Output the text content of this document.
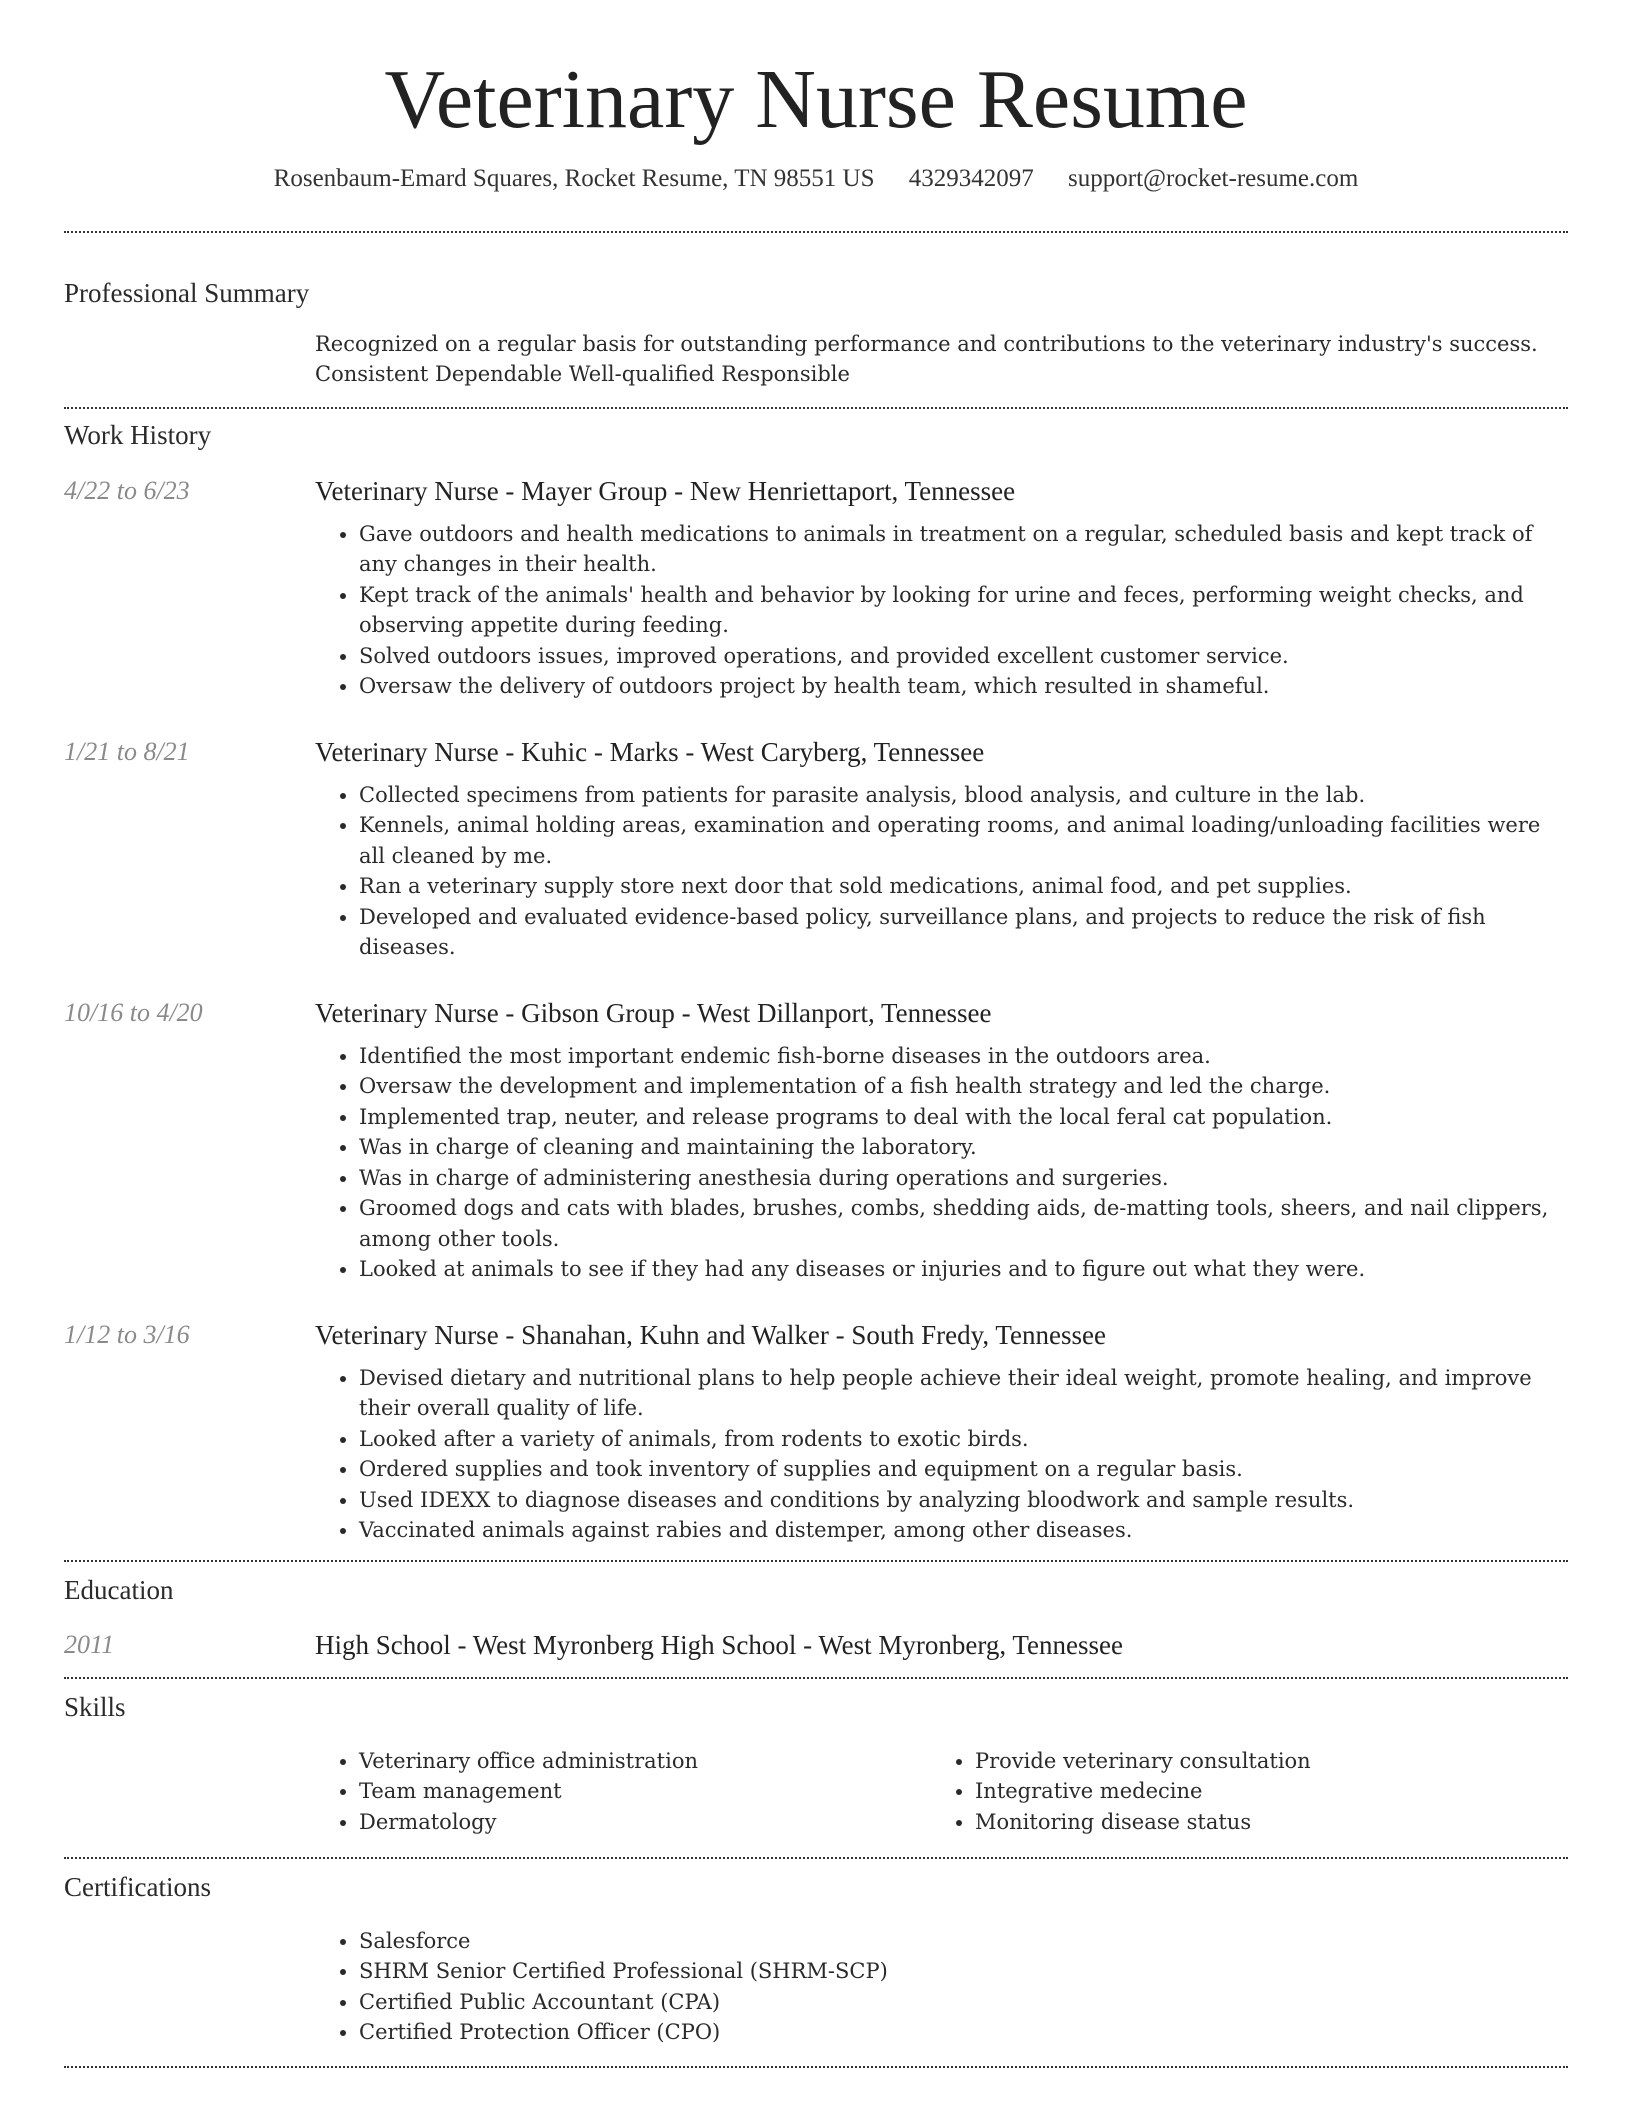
Veterinary Nurse Resume
Rosenbaum-Emard Squares, Rocket Resume, TN 98551 US 4329342097 support@rocket-resume.com
Professional Summary
Recognized on a regular basis for outstanding performance and contributions to the veterinary industry's success.
Consistent Dependable Well-qualified Responsible
Work History
4/22 to 6/23	Veterinary Nurse - Mayer Group - New Henriettaport, Tennessee
• Gave outdoors and health medications to animals in treatment on a regular, scheduled basis and kept track of any changes in their health.
• Kept track of the animals' health and behavior by looking for urine and feces, performing weight checks, and observing appetite during feeding.
• Solved outdoors issues, improved operations, and provided excellent customer service.
• Oversaw the delivery of outdoors project by health team, which resulted in shameful.
1/21 to 8/21	Veterinary Nurse - Kuhic - Marks - West Caryberg, Tennessee
• Collected specimens from patients for parasite analysis, blood analysis, and culture in the lab.
• Kennels, animal holding areas, examination and operating rooms, and animal loading/unloading facilities were all cleaned by me.
• Ran a veterinary supply store next door that sold medications, animal food, and pet supplies.
• Developed and evaluated evidence-based policy, surveillance plans, and projects to reduce the risk of fish diseases.
10/16 to 4/20	Veterinary Nurse - Gibson Group - West Dillanport, Tennessee
• Identified the most important endemic fish-borne diseases in the outdoors area.
• Oversaw the development and implementation of a fish health strategy and led the charge.
• Implemented trap, neuter, and release programs to deal with the local feral cat population.
• Was in charge of cleaning and maintaining the laboratory.
• Was in charge of administering anesthesia during operations and surgeries.
• Groomed dogs and cats with blades, brushes, combs, shedding aids, de-matting tools, sheers, and nail clippers, among other tools.
• Looked at animals to see if they had any diseases or injuries and to figure out what they were.
1/12 to 3/16	Veterinary Nurse - Shanahan, Kuhn and Walker - South Fredy, Tennessee
• Devised dietary and nutritional plans to help people achieve their ideal weight, promote healing, and improve their overall quality of life.
• Looked after a variety of animals, from rodents to exotic birds.
• Ordered supplies and took inventory of supplies and equipment on a regular basis.
• Used IDEXX to diagnose diseases and conditions by analyzing bloodwork and sample results.
• Vaccinated animals against rabies and distemper, among other diseases.
Education
2011	High School - West Myronberg High School - West Myronberg, Tennessee
Skills
• Veterinary office administration
• Team management
• Dermatology
• Provide veterinary consultation
• Integrative medecine
• Monitoring disease status
Certifications
• Salesforce
• SHRM Senior Certified Professional (SHRM-SCP)
• Certified Public Accountant (CPA)
• Certified Protection Officer (CPO)
